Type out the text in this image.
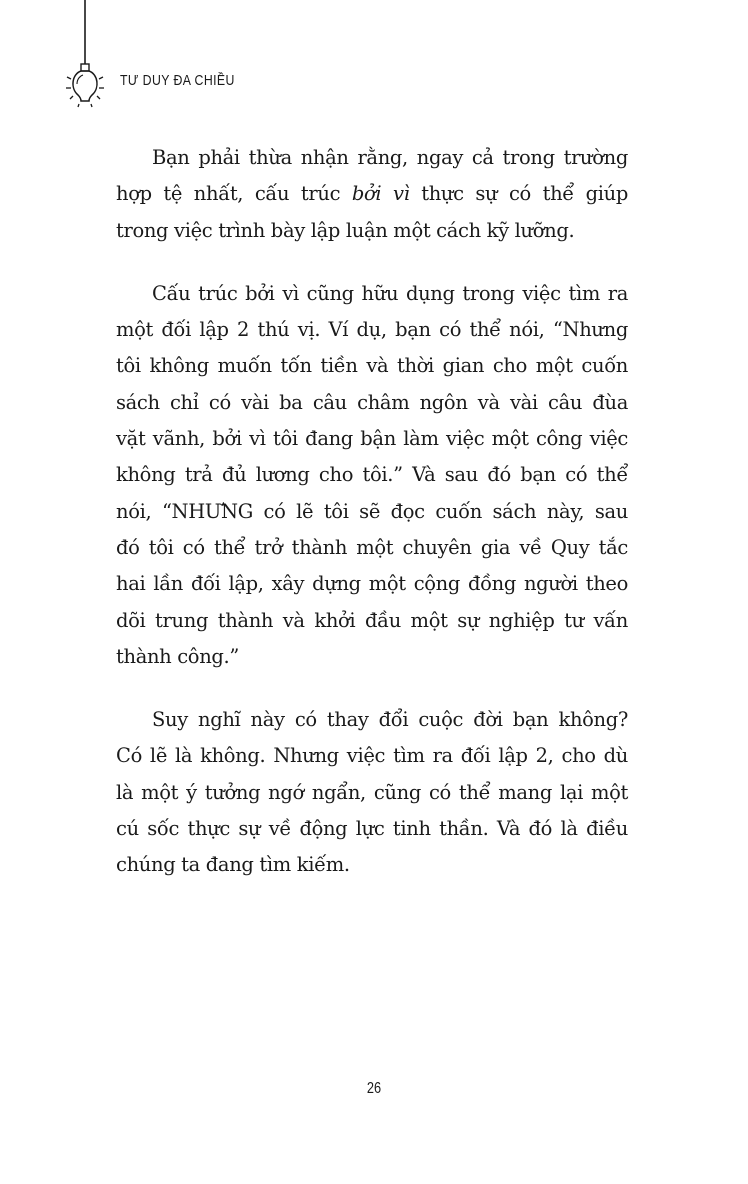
TƯ DUY ĐA CHIỀU

Bạn phải thừa nhận rằng, ngay cả trong trường
hợp tệ nhất, cấu trúc bởi vì thực sự có thể giúp
trong việc trình bày lập luận một cách kỹ lưỡng.

Cấu trúc bởi vì cũng hữu dụng trong việc tìm ra
một đối lập 2 thú vị. Ví dụ, bạn có thể nói, “Nhưng
tôi không muốn tốn tiền và thời gian cho một cuốn
sách chỉ có vài ba câu châm ngôn và vài câu đùa
vặt vãnh, bởi vì tôi đang bận làm việc một công việc
không trả đủ lương cho tôi.” Và sau đó bạn có thể
nói, “NHƯNG có lẽ tôi sẽ đọc cuốn sách này, sau
đó tôi có thể trở thành một chuyên gia về Quy tắc
hai lần đối lập, xây dựng một cộng đồng người theo
dõi trung thành và khởi đầu một sự nghiệp tư vấn
thành công.”

Suy nghĩ này có thay đổi cuộc đời bạn không?
Có lẽ là không. Nhưng việc tìm ra đối lập 2, cho dù
là một ý tưởng ngớ ngẩn, cũng có thể mang lại một
cú sốc thực sự về động lực tinh thần. Và đó là điều
chúng ta đang tìm kiếm.

26
